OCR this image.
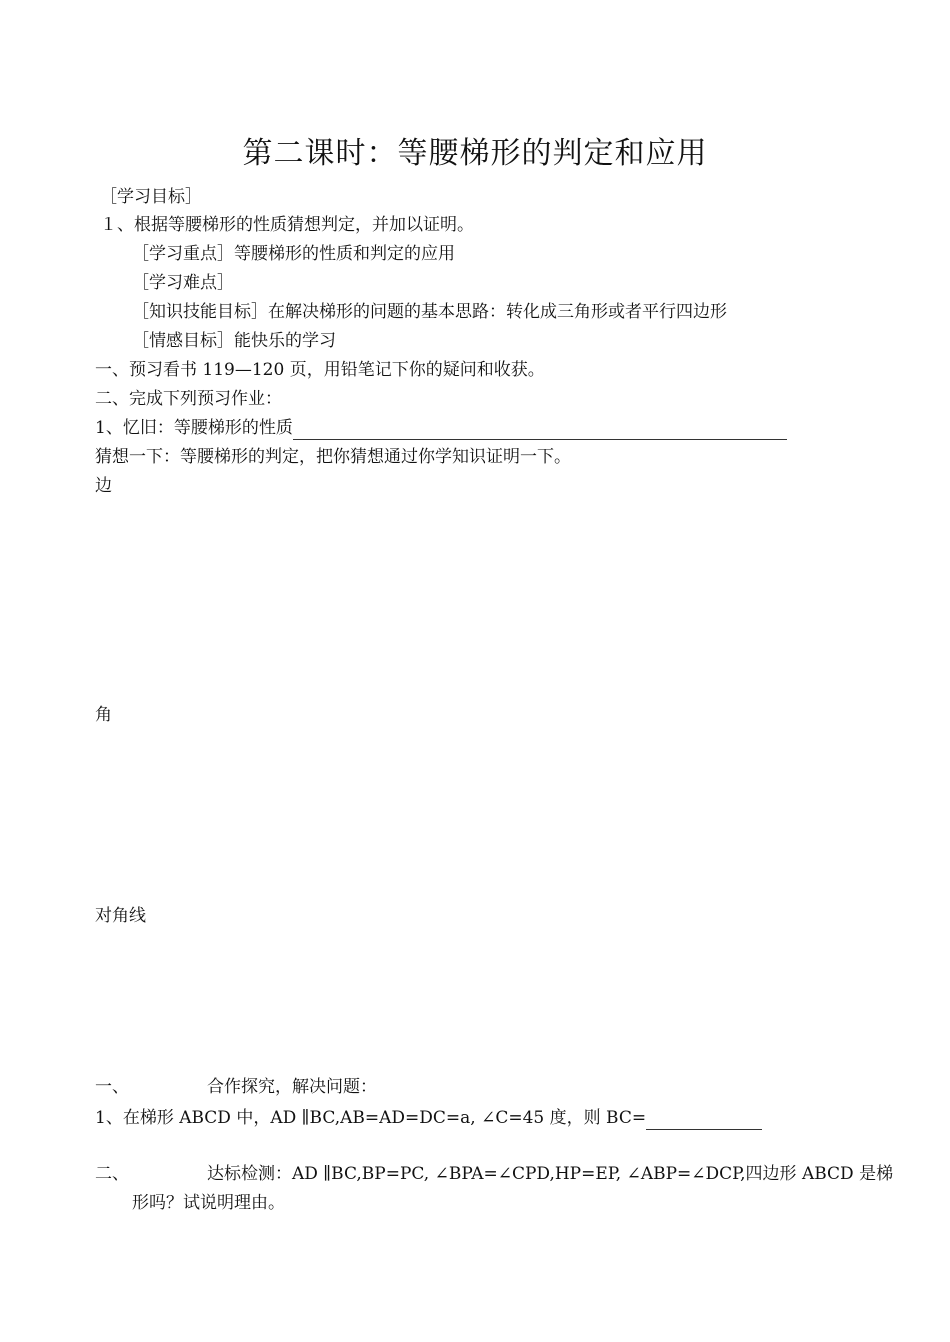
第二课时：等腰梯形的判定和应用
［学习目标］
１、根据等腰梯形的性质猜想判定，并加以证明。
［学习重点］等腰梯形的性质和判定的应用
［学习难点］
［知识技能目标］在解决梯形的问题的基本思路：转化成三角形或者平行四边形
［情感目标］能快乐的学习
一、预习看书 119—120 页，用铅笔记下你的疑问和收获。
二、完成下列预习作业：
1、忆旧：等腰梯形的性质
猜想一下：等腰梯形的判定，把你猜想通过你学知识证明一下。
边
角
对角线
一、	合作探究，解决问题：
1、在梯形 ABCD 中，AD ∥BC,AB=AD=DC=a, ∠C=45 度，则 BC=
二、	达标检测：AD ∥BC,BP=PC, ∠BPA=∠CPD,HP=EP, ∠ABP=∠DCP,四边形 ABCD 是梯
形吗？试说明理由。
